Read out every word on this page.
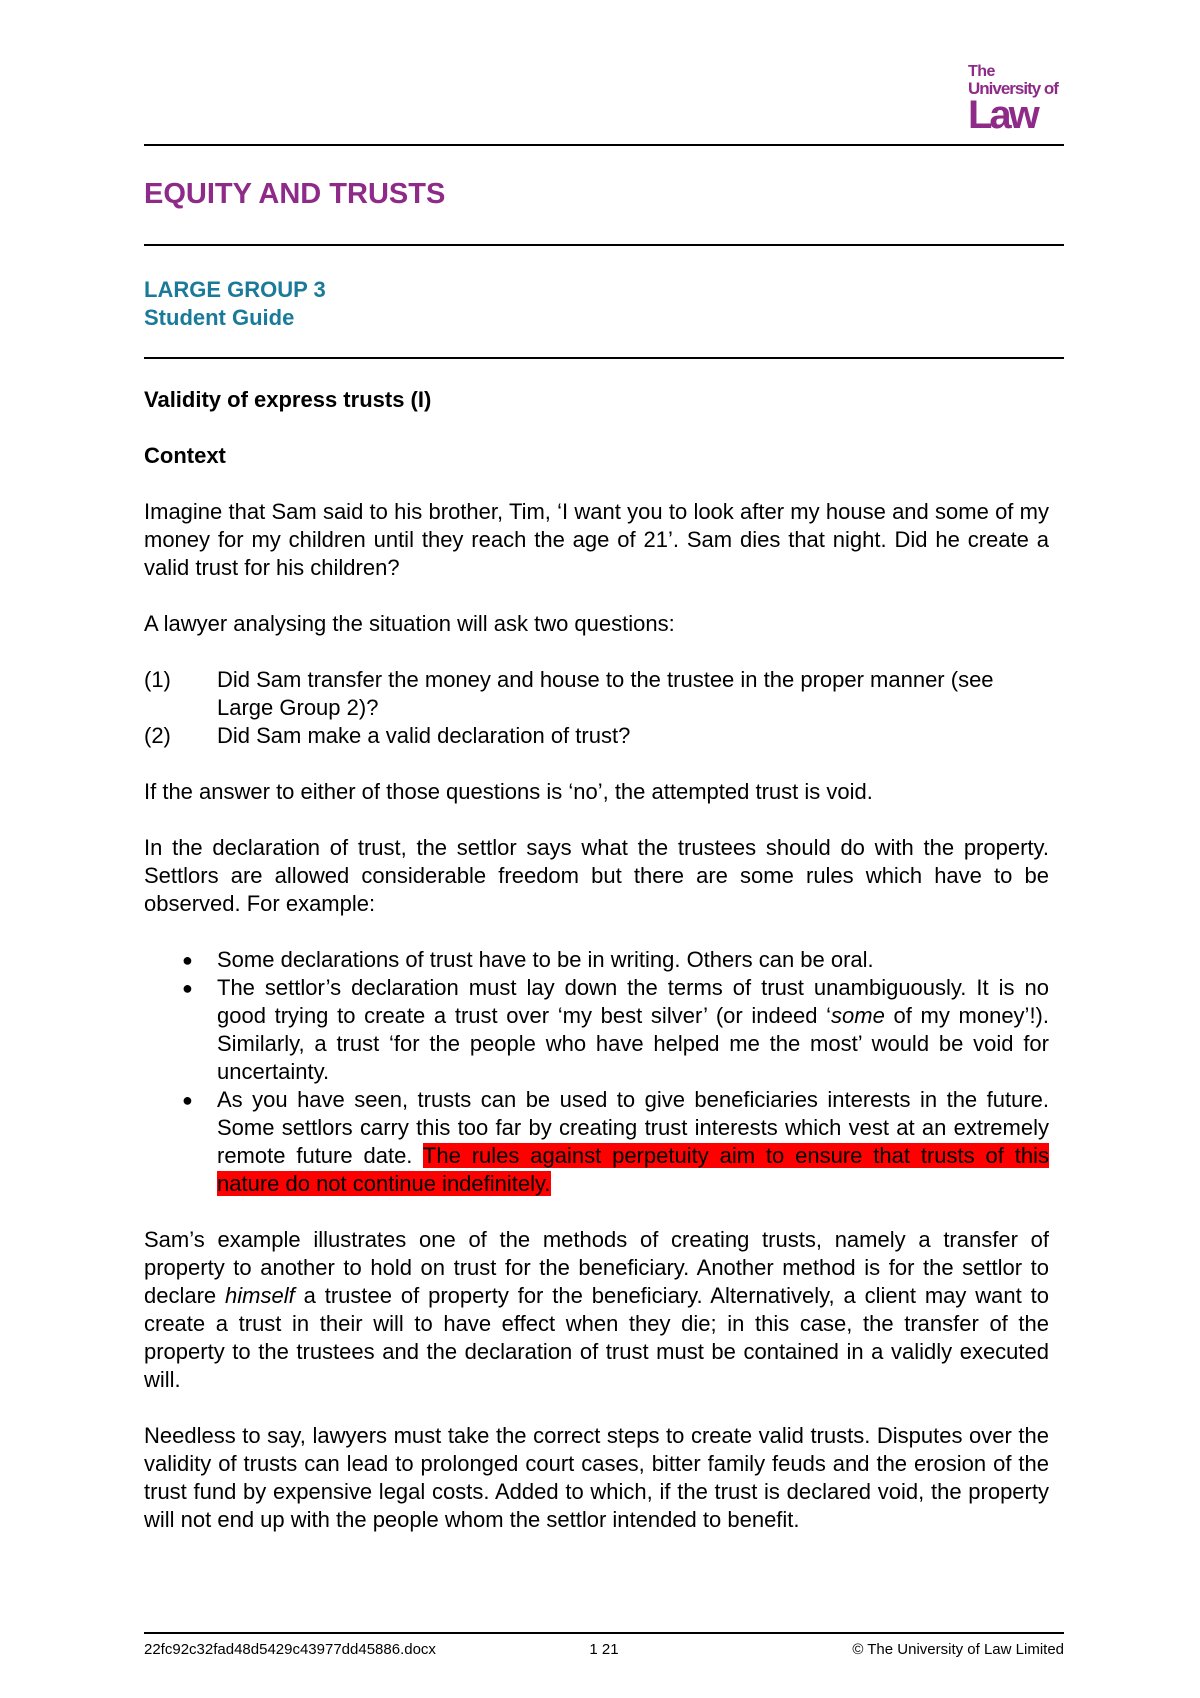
The
University of
Law
EQUITY AND TRUSTS
LARGE GROUP 3
Student Guide
Validity of express trusts (I)
Context

Imagine that Sam said to his brother, Tim, ‘I want you to look after my house and some of my money for my children until they reach the age of 21’. Sam dies that night. Did he create a valid trust for his children?

A lawyer analysing the situation will ask two questions:

(1)	Did Sam transfer the money and house to the trustee in the proper manner (see Large Group 2)?
(2)	Did Sam make a valid declaration of trust?

If the answer to either of those questions is ‘no’, the attempted trust is void.

In the declaration of trust, the settlor says what the trustees should do with the property. Settlors are allowed considerable freedom but there are some rules which have to be observed. For example:

●	Some declarations of trust have to be in writing. Others can be oral.
●	The settlor’s declaration must lay down the terms of trust unambiguously. It is no good trying to create a trust over ‘my best silver’ (or indeed ‘some of my money’!). Similarly, a trust ‘for the people who have helped me the most’ would be void for uncertainty.
●	As you have seen, trusts can be used to give beneficiaries interests in the future. Some settlors carry this too far by creating trust interests which vest at an extremely remote future date. The rules against perpetuity aim to ensure that trusts of this nature do not continue indefinitely.

Sam’s example illustrates one of the methods of creating trusts, namely a transfer of property to another to hold on trust for the beneficiary. Another method is for the settlor to declare himself a trustee of property for the beneficiary. Alternatively, a client may want to create a trust in their will to have effect when they die; in this case, the transfer of the property to the trustees and the declaration of trust must be contained in a validly executed will.

Needless to say, lawyers must take the correct steps to create valid trusts. Disputes over the validity of trusts can lead to prolonged court cases, bitter family feuds and the erosion of the trust fund by expensive legal costs. Added to which, if the trust is declared void, the property will not end up with the people whom the settlor intended to benefit.

22fc92c32fad48d5429c43977dd45886.docx	1 21	© The University of Law Limited
